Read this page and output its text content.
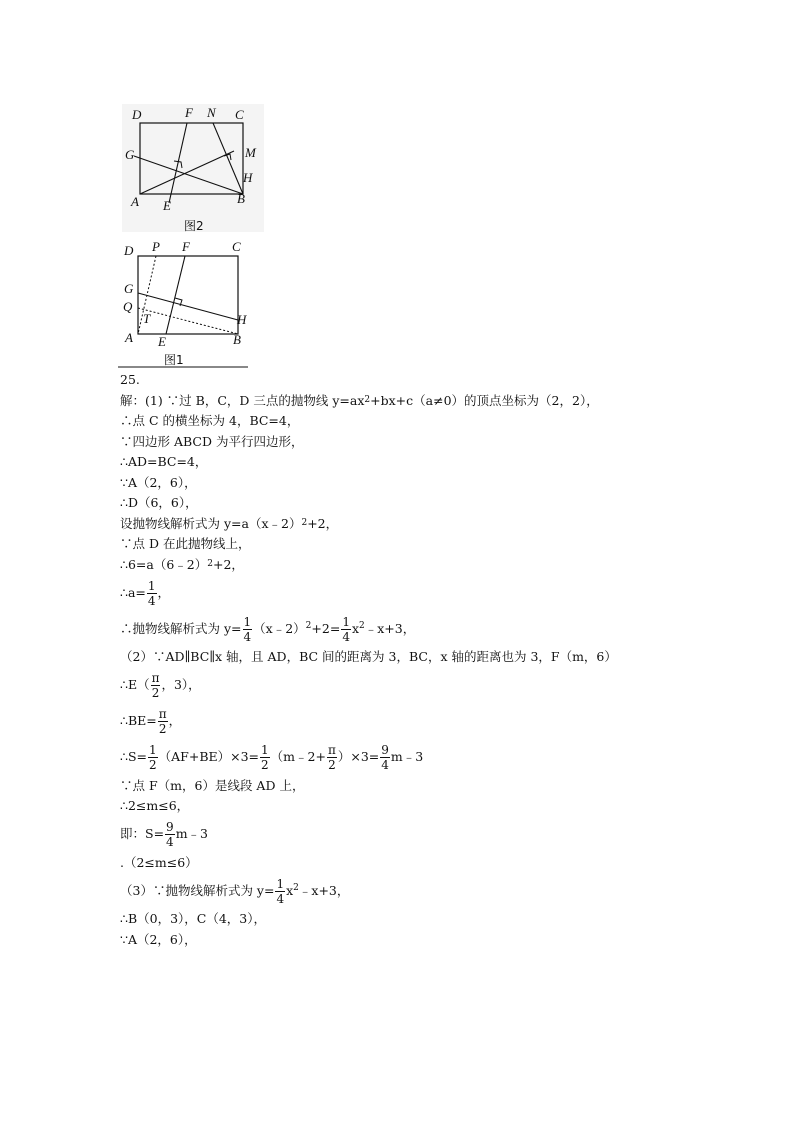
D	F N C
G	M
H
A E	B
图2
D P F	C
G
Q
T	H
A E	B
图1
25.
解：(1) ∵过 B，C，D 三点的抛物线 $y=ax^2+bx+c(a\ne 0)$的顶点坐标为（2，2），
∴点 C 的横坐标为 4，BC=4，
∵四边形 ABCD 为平行四边形，
∴AD=BC=4，
∵A（2，6），
∴D（6，6），
设抛物线解析式为 y=a（x﹣2）$^2$+2，
∵点 D 在此抛物线上，
∴6=a（6﹣2）$^2$+2，
∴a= $\frac{1}{4}$ ，
∴抛物线解析式为 $y= \frac{1}{4}$ （x﹣2）$^2$ $+2= \frac{1}{4} x^2$ ﹣x+3，
（2）∵AD∥BC∥x 轴，且 AD，BC 间的距离为 3，BC，x 轴的距离也为 3，F（m，6）
∴E（ $\frac{\pi}{2}$ ，3），
∴BE= $\frac{\pi}{2}$ ，
∴S= $\frac{1}{2} (AF+BE)\times 3= \frac{1}{2}$ （m﹣2+ $\frac{\pi}{2} )\times 3= \frac{9}{4}$ m﹣3
∵点 F（m，6）是线段 AD 上，
∴2≤m≤6，
即：$S= \frac{9}{4}$ m﹣3
.（2≤m≤6）
（3）∵抛物线解析式为 $y= \frac{1}{4} x^2$ ﹣x+3，
∴B（0，3），C（4，3），
∵A（2，6），
